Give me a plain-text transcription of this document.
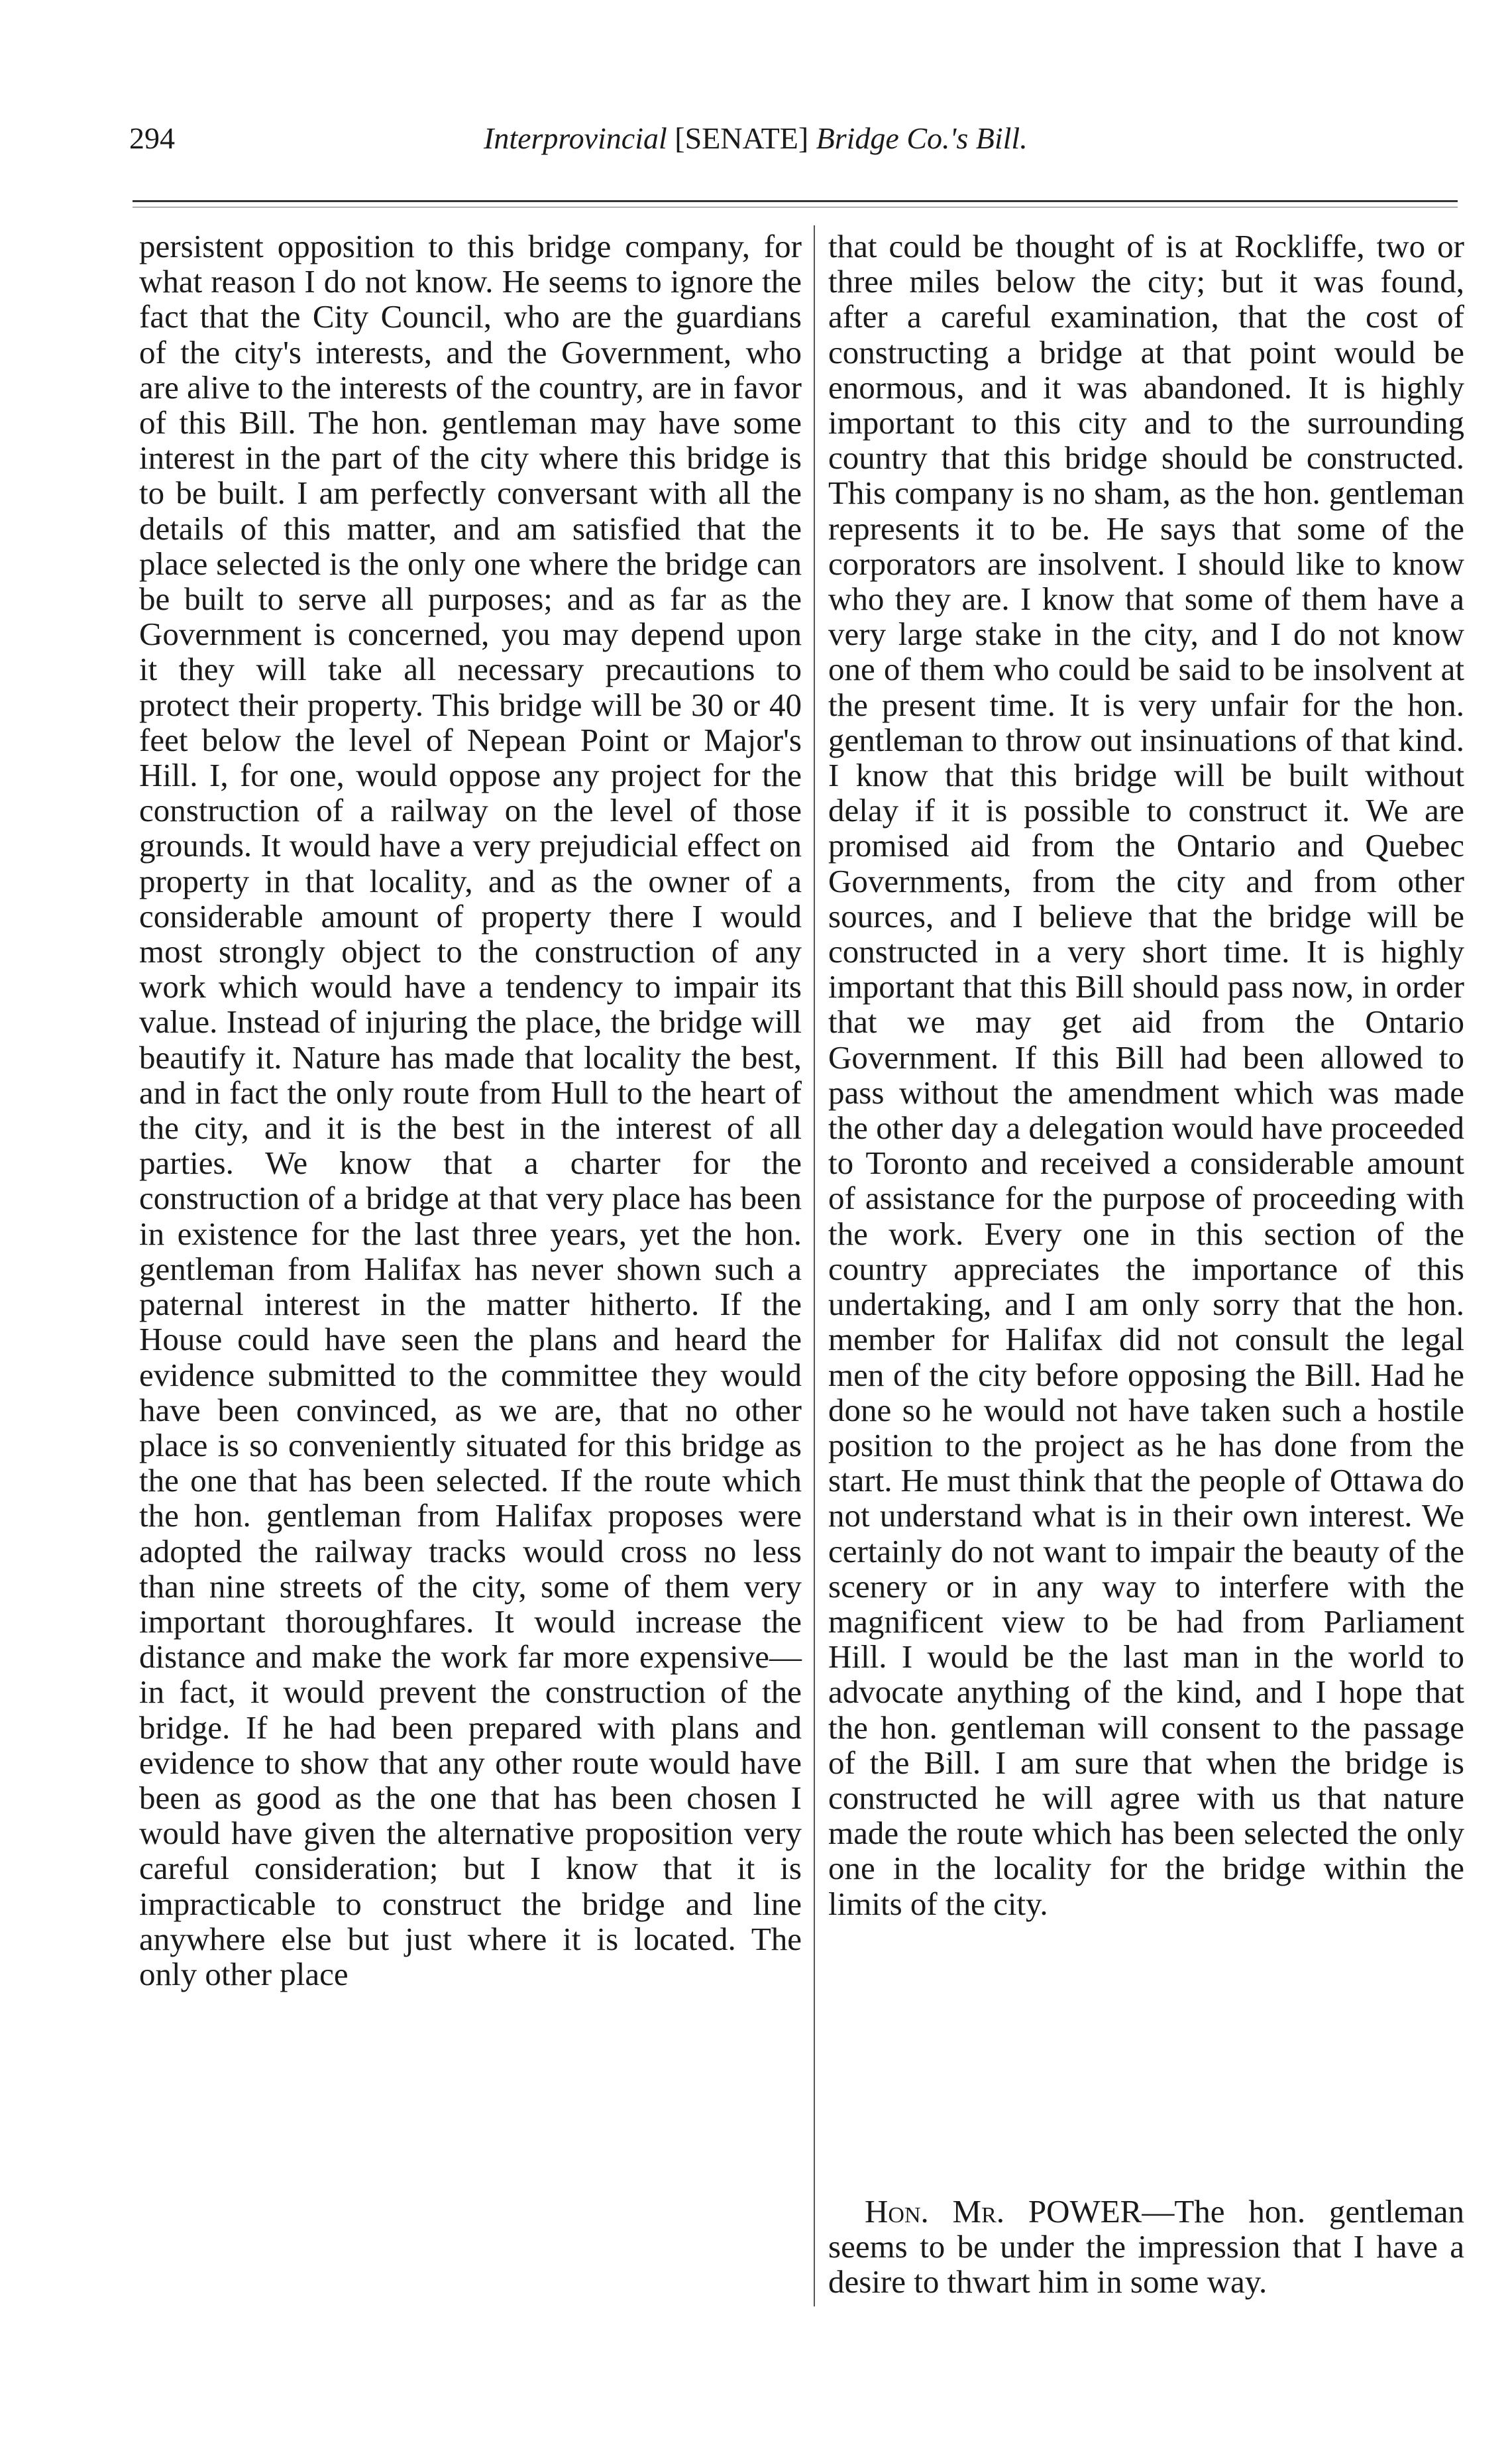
294	Interprovincial [SENATE] Bridge Co.'s Bill.

persistent opposition to this bridge company, for what reason I do not know. He seems to ignore the fact that the City Council, who are the guardians of the city's interests, and the Government, who are alive to the interests of the country, are in favor of this Bill. The hon. gentleman may have some interest in the part of the city where this bridge is to be built. I am perfectly conversant with all the details of this matter, and am satisfied that the place selected is the only one where the bridge can be built to serve all purposes; and as far as the Government is concerned, you may depend upon it they will take all necessary precautions to protect their property. This bridge will be 30 or 40 feet below the level of Nepean Point or Major's Hill. I, for one, would oppose any project for the construction of a railway on the level of those grounds. It would have a very prejudicial effect on property in that locality, and as the owner of a considerable amount of property there I would most strongly object to the construction of any work which would have a tendency to impair its value. Instead of injuring the place, the bridge will beautify it. Nature has made that locality the best, and in fact the only route from Hull to the heart of the city, and it is the best in the interest of all parties. We know that a charter for the construction of a bridge at that very place has been in existence for the last three years, yet the hon. gentleman from Halifax has never shown such a paternal interest in the matter hitherto. If the House could have seen the plans and heard the evidence submitted to the committee they would have been convinced, as we are, that no other place is so conveniently situated for this bridge as the one that has been selected. If the route which the hon. gentleman from Halifax proposes were adopted the railway tracks would cross no less than nine streets of the city, some of them very important thoroughfares. It would increase the distance and make the work far more expensive—in fact, it would prevent the construction of the bridge. If he had been prepared with plans and evidence to show that any other route would have been as good as the one that has been chosen I would have given the alternative proposition very careful consideration; but I know that it is impracticable to construct the bridge and line anywhere else but just where it is located. The only other place

that could be thought of is at Rockliffe, two or three miles below the city; but it was found, after a careful examination, that the cost of constructing a bridge at that point would be enormous, and it was abandoned. It is highly important to this city and to the surrounding country that this bridge should be constructed. This company is no sham, as the hon. gentleman represents it to be. He says that some of the corporators are insolvent. I should like to know who they are. I know that some of them have a very large stake in the city, and I do not know one of them who could be said to be insolvent at the present time. It is very unfair for the hon. gentleman to throw out insinuations of that kind. I know that this bridge will be built without delay if it is possible to construct it. We are promised aid from the Ontario and Quebec Governments, from the city and from other sources, and I believe that the bridge will be constructed in a very short time. It is highly important that this Bill should pass now, in order that we may get aid from the Ontario Government. If this Bill had been allowed to pass without the amendment which was made the other day a delegation would have proceeded to Toronto and received a considerable amount of assistance for the purpose of proceeding with the work. Every one in this section of the country appreciates the importance of this undertaking, and I am only sorry that the hon. member for Halifax did not consult the legal men of the city before opposing the Bill. Had he done so he would not have taken such a hostile position to the project as he has done from the start. He must think that the people of Ottawa do not understand what is in their own interest. We certainly do not want to impair the beauty of the scenery or in any way to interfere with the magnificent view to be had from Parliament Hill. I would be the last man in the world to advocate anything of the kind, and I hope that the hon. gentleman will consent to the passage of the Bill. I am sure that when the bridge is constructed he will agree with us that nature made the route which has been selected the only one in the locality for the bridge within the limits of the city.

Hon. Mr. POWER—The hon. gentleman seems to be under the impression that I have a desire to thwart him in some way.
